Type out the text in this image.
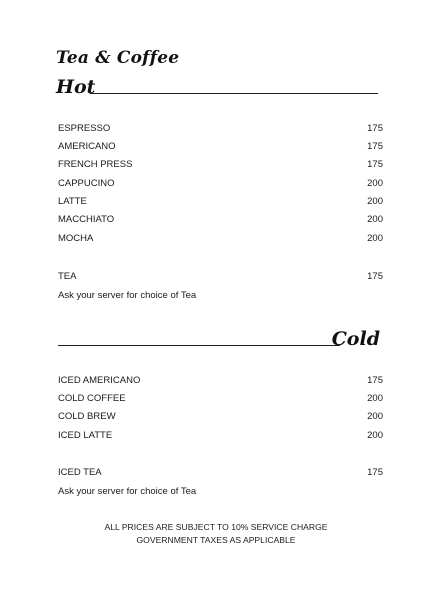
Tea & Coffee
Hot
ESPRESSO	175
AMERICANO	175
FRENCH PRESS	175
CAPPUCINO	200
LATTE	200
MACCHIATO	200
MOCHA	200
TEA	175
Ask your server for choice of Tea
Cold
ICED AMERICANO	175
COLD COFFEE	200
COLD BREW	200
ICED LATTE	200
ICED TEA	175
Ask your server for choice of Tea
ALL PRICES ARE SUBJECT TO 10% SERVICE CHARGE
GOVERNMENT TAXES AS APPLICABLE
